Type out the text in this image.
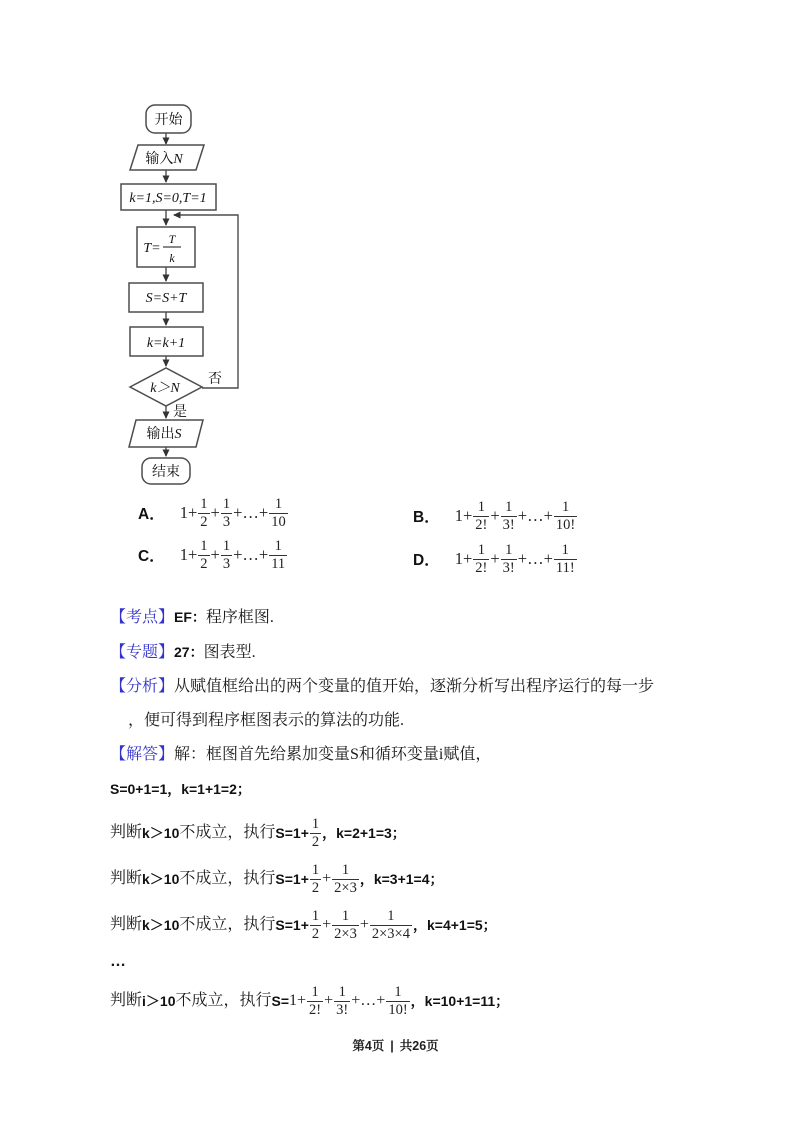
开始
输入N
k=1,S=0,T=1
T=
T
k
S=S+T
k=k+1
k＞N
否
是
输出S
结束
A． $1+ \frac{1}{2} + \frac{1}{3}$ +…+ $\frac{1}{10}$	B． $1+ \frac{1}{2!} + \frac{1}{3!}$ +…+ $\frac{1}{10!}$
C． $1+ \frac{1}{2} + \frac{1}{3}$ +…+ $\frac{1}{11}$	D． $1+ \frac{1}{2!} + \frac{1}{3!}$ +…+ $\frac{1}{11!}$

【考点】EF：程序框图.

【专题】27：图表型.

【分析】从赋值框给出的两个变量的值开始，逐渐分析写出程序运行的每一步

，便可得到程序框图表示的算法的功能.

【解答】解：框图首先给累加变量S和循环变量i赋值，

S=0+1=1，k=1+1=2；

判断 k＞10 不成立，执行 $S=1+ \frac{1}{2}$ ，k=2+1=3；
判断 k＞10 不成立，执行 $S=1+ \frac{1}{2} + \frac{1}{2\times 3}$ ，k=3+1=4；
判断 k＞10 不成立，执行 $S=1+ \frac{1}{2} + \frac{1}{2\times 3} + \frac{1}{2\times 3\times 4}$ ，k=4+1=5；

…

判断 i＞10 不成立，执行 $S= 1+ \frac{1}{2!} + \frac{1}{3!}$ +…+ $\frac{1}{10!}$ ，k=10+1=11；
第4页 | 共26页
